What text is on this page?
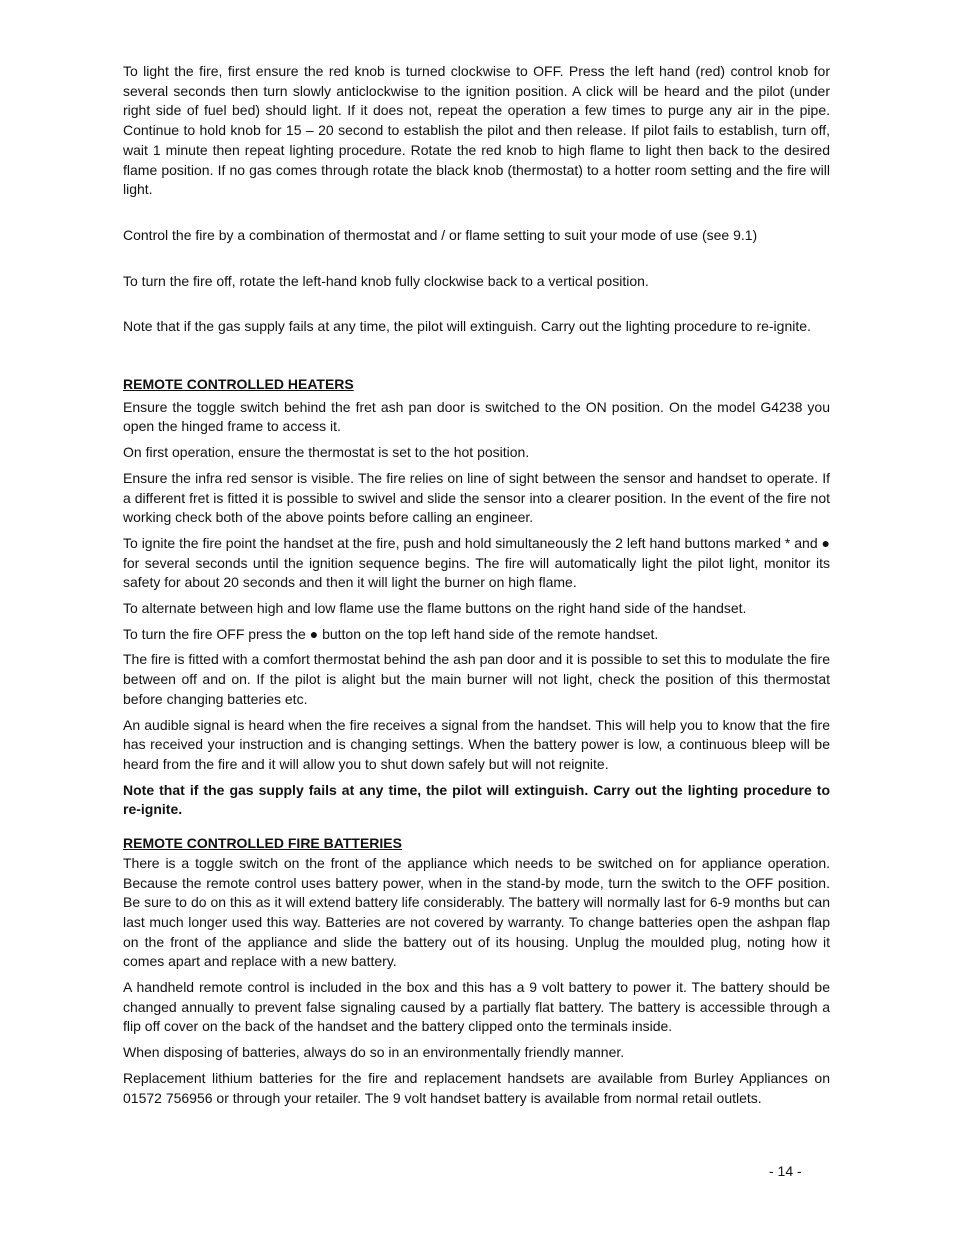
To light the fire, first ensure the red knob is turned clockwise to OFF. Press the left hand (red) control knob for several seconds then turn slowly anticlockwise to the ignition position. A click will be heard and the pilot (under right side of fuel bed) should light. If it does not, repeat the operation a few times to purge any air in the pipe. Continue to hold knob for 15 – 20 second to establish the pilot and then release. If pilot fails to establish, turn off, wait 1 minute then repeat lighting procedure. Rotate the red knob to high flame to light then back to the desired flame position. If no gas comes through rotate the black knob (thermostat) to a hotter room setting and the fire will light.

Control the fire by a combination of thermostat and / or flame setting to suit your mode of use (see 9.1)

To turn the fire off, rotate the left-hand knob fully clockwise back to a vertical position.

Note that if the gas supply fails at any time, the pilot will extinguish. Carry out the lighting procedure to re-ignite.

REMOTE CONTROLLED HEATERS

Ensure the toggle switch behind the fret ash pan door is switched to the ON position. On the model G4238 you open the hinged frame to access it.

On first operation, ensure the thermostat is set to the hot position.

Ensure the infra red sensor is visible. The fire relies on line of sight between the sensor and handset to operate. If a different fret is fitted it is possible to swivel and slide the sensor into a clearer position. In the event of the fire not working check both of the above points before calling an engineer.

To ignite the fire point the handset at the fire, push and hold simultaneously the 2 left hand buttons marked * and ● for several seconds until the ignition sequence begins. The fire will automatically light the pilot light, monitor its safety for about 20 seconds and then it will light the burner on high flame.

To alternate between high and low flame use the flame buttons on the right hand side of the handset.

To turn the fire OFF press the ● button on the top left hand side of the remote handset.

The fire is fitted with a comfort thermostat behind the ash pan door and it is possible to set this to modulate the fire between off and on. If the pilot is alight but the main burner will not light, check the position of this thermostat before changing batteries etc.

An audible signal is heard when the fire receives a signal from the handset. This will help you to know that the fire has received your instruction and is changing settings. When the battery power is low, a continuous bleep will be heard from the fire and it will allow you to shut down safely but will not reignite.

Note that if the gas supply fails at any time, the pilot will extinguish. Carry out the lighting procedure to re-ignite.

REMOTE CONTROLLED FIRE BATTERIES

There is a toggle switch on the front of the appliance which needs to be switched on for appliance operation. Because the remote control uses battery power, when in the stand-by mode, turn the switch to the OFF position. Be sure to do on this as it will extend battery life considerably. The battery will normally last for 6-9 months but can last much longer used this way. Batteries are not covered by warranty. To change batteries open the ashpan flap on the front of the appliance and slide the battery out of its housing. Unplug the moulded plug, noting how it comes apart and replace with a new battery.

A handheld remote control is included in the box and this has a 9 volt battery to power it. The battery should be changed annually to prevent false signaling caused by a partially flat battery. The battery is accessible through a flip off cover on the back of the handset and the battery clipped onto the terminals inside.

When disposing of batteries, always do so in an environmentally friendly manner.

Replacement lithium batteries for the fire and replacement handsets are available from Burley Appliances on 01572 756956 or through your retailer. The 9 volt handset battery is available from normal retail outlets.

- 14 -
